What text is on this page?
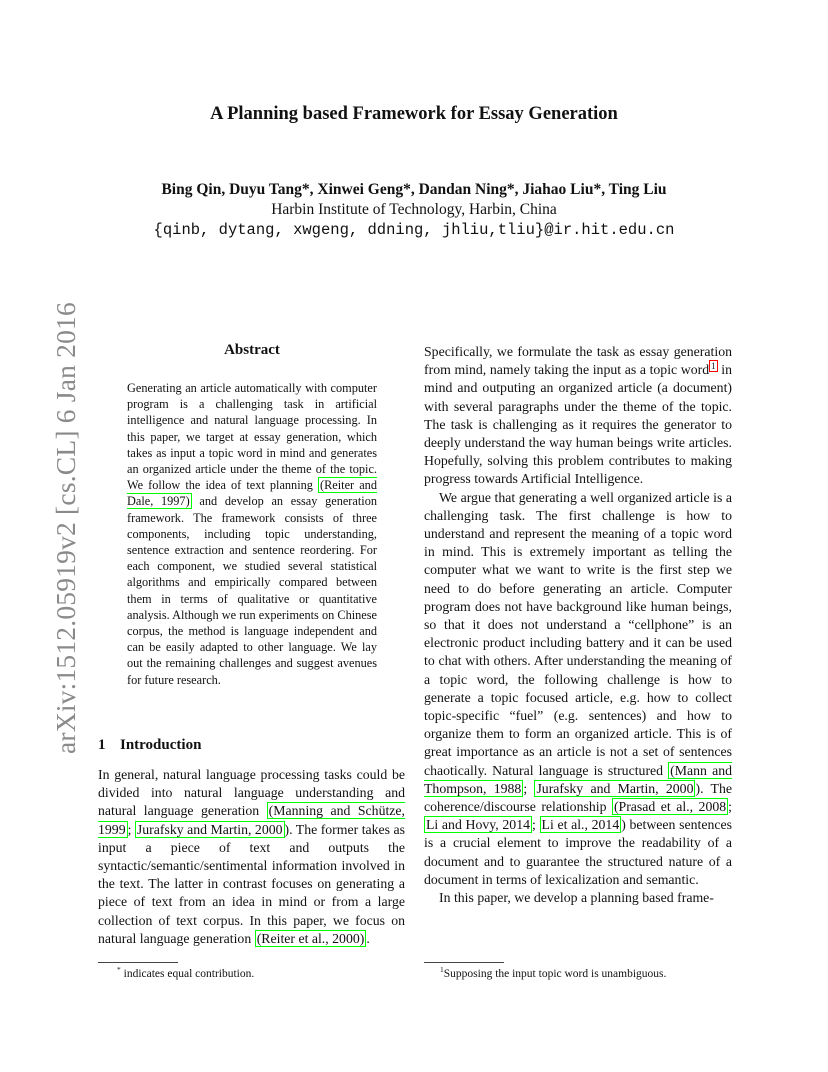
arXiv:1512.05919v2 [cs.CL] 6 Jan 2016
A Planning based Framework for Essay Generation
Bing Qin, Duyu Tang*, Xinwei Geng*, Dandan Ning*, Jiahao Liu*, Ting Liu
Harbin Institute of Technology, Harbin, China
{qinb, dytang, xwgeng, ddning, jhliu,tliu}@ir.hit.edu.cn
Abstract
Generating an article automatically with computer program is a challenging task in artificial intelligence and natural language processing. In this paper, we target at essay generation, which takes as input a topic word in mind and generates an organized article under the theme of the topic. We follow the idea of text planning (Reiter and Dale, 1997) and develop an essay generation framework. The framework consists of three components, including topic understanding, sentence extraction and sentence reordering. For each component, we studied several statistical algorithms and empirically compared between them in terms of qualitative or quantitative analysis. Although we run experiments on Chinese corpus, the method is language independent and can be easily adapted to other language. We lay out the remaining challenges and suggest avenues for future research.
1 Introduction
In general, natural language processing tasks could be divided into natural language understanding and natural language generation (Manning and Schütze, 1999 ; Jurafsky and Martin, 2000 ). The former takes as input a piece of text and outputs the syntactic/semantic/sentimental information involved in the text. The latter in contrast focuses on generating a piece of text from an idea in mind or from a large collection of text corpus. In this paper, we focus on natural language generation (Reiter et al., 2000) .

Specifically, we formulate the task as essay generation from mind, namely taking the input as a topic word $^1$ in mind and outputing an organized article (a document) with several paragraphs under the theme of the topic. The task is challenging as it requires the generator to deeply understand the way human beings write articles. Hopefully, solving this problem contributes to making progress towards Artificial Intelligence.

We argue that generating a well organized article is a challenging task. The first challenge is how to understand and represent the meaning of a topic word in mind. This is extremely important as telling the computer what we want to write is the first step we need to do before generating an article. Computer program does not have background like human beings, so that it does not understand a “cellphone” is an electronic product including battery and it can be used to chat with others. After understanding the meaning of a topic word, the following challenge is how to generate a topic focused article, e.g. how to collect topic-specific “fuel” (e.g. sentences) and how to organize them to form an organized article. This is of great importance as an article is not a set of sentences chaotically. Natural language is structured (Mann and Thompson, 1988 ; Jurafsky and Martin, 2000 ). The coherence/discourse relationship (Prasad et al., 2008 ; Li and Hovy, 2014 ; Li et al., 2014 ) between sentences is a crucial element to improve the readability of a document and to guarantee the structured nature of a document in terms of lexicalization and semantic.

In this paper, we develop a planning based frame-

* indicates equal contribution.	$^1$Supposing the input topic word is unambiguous.
